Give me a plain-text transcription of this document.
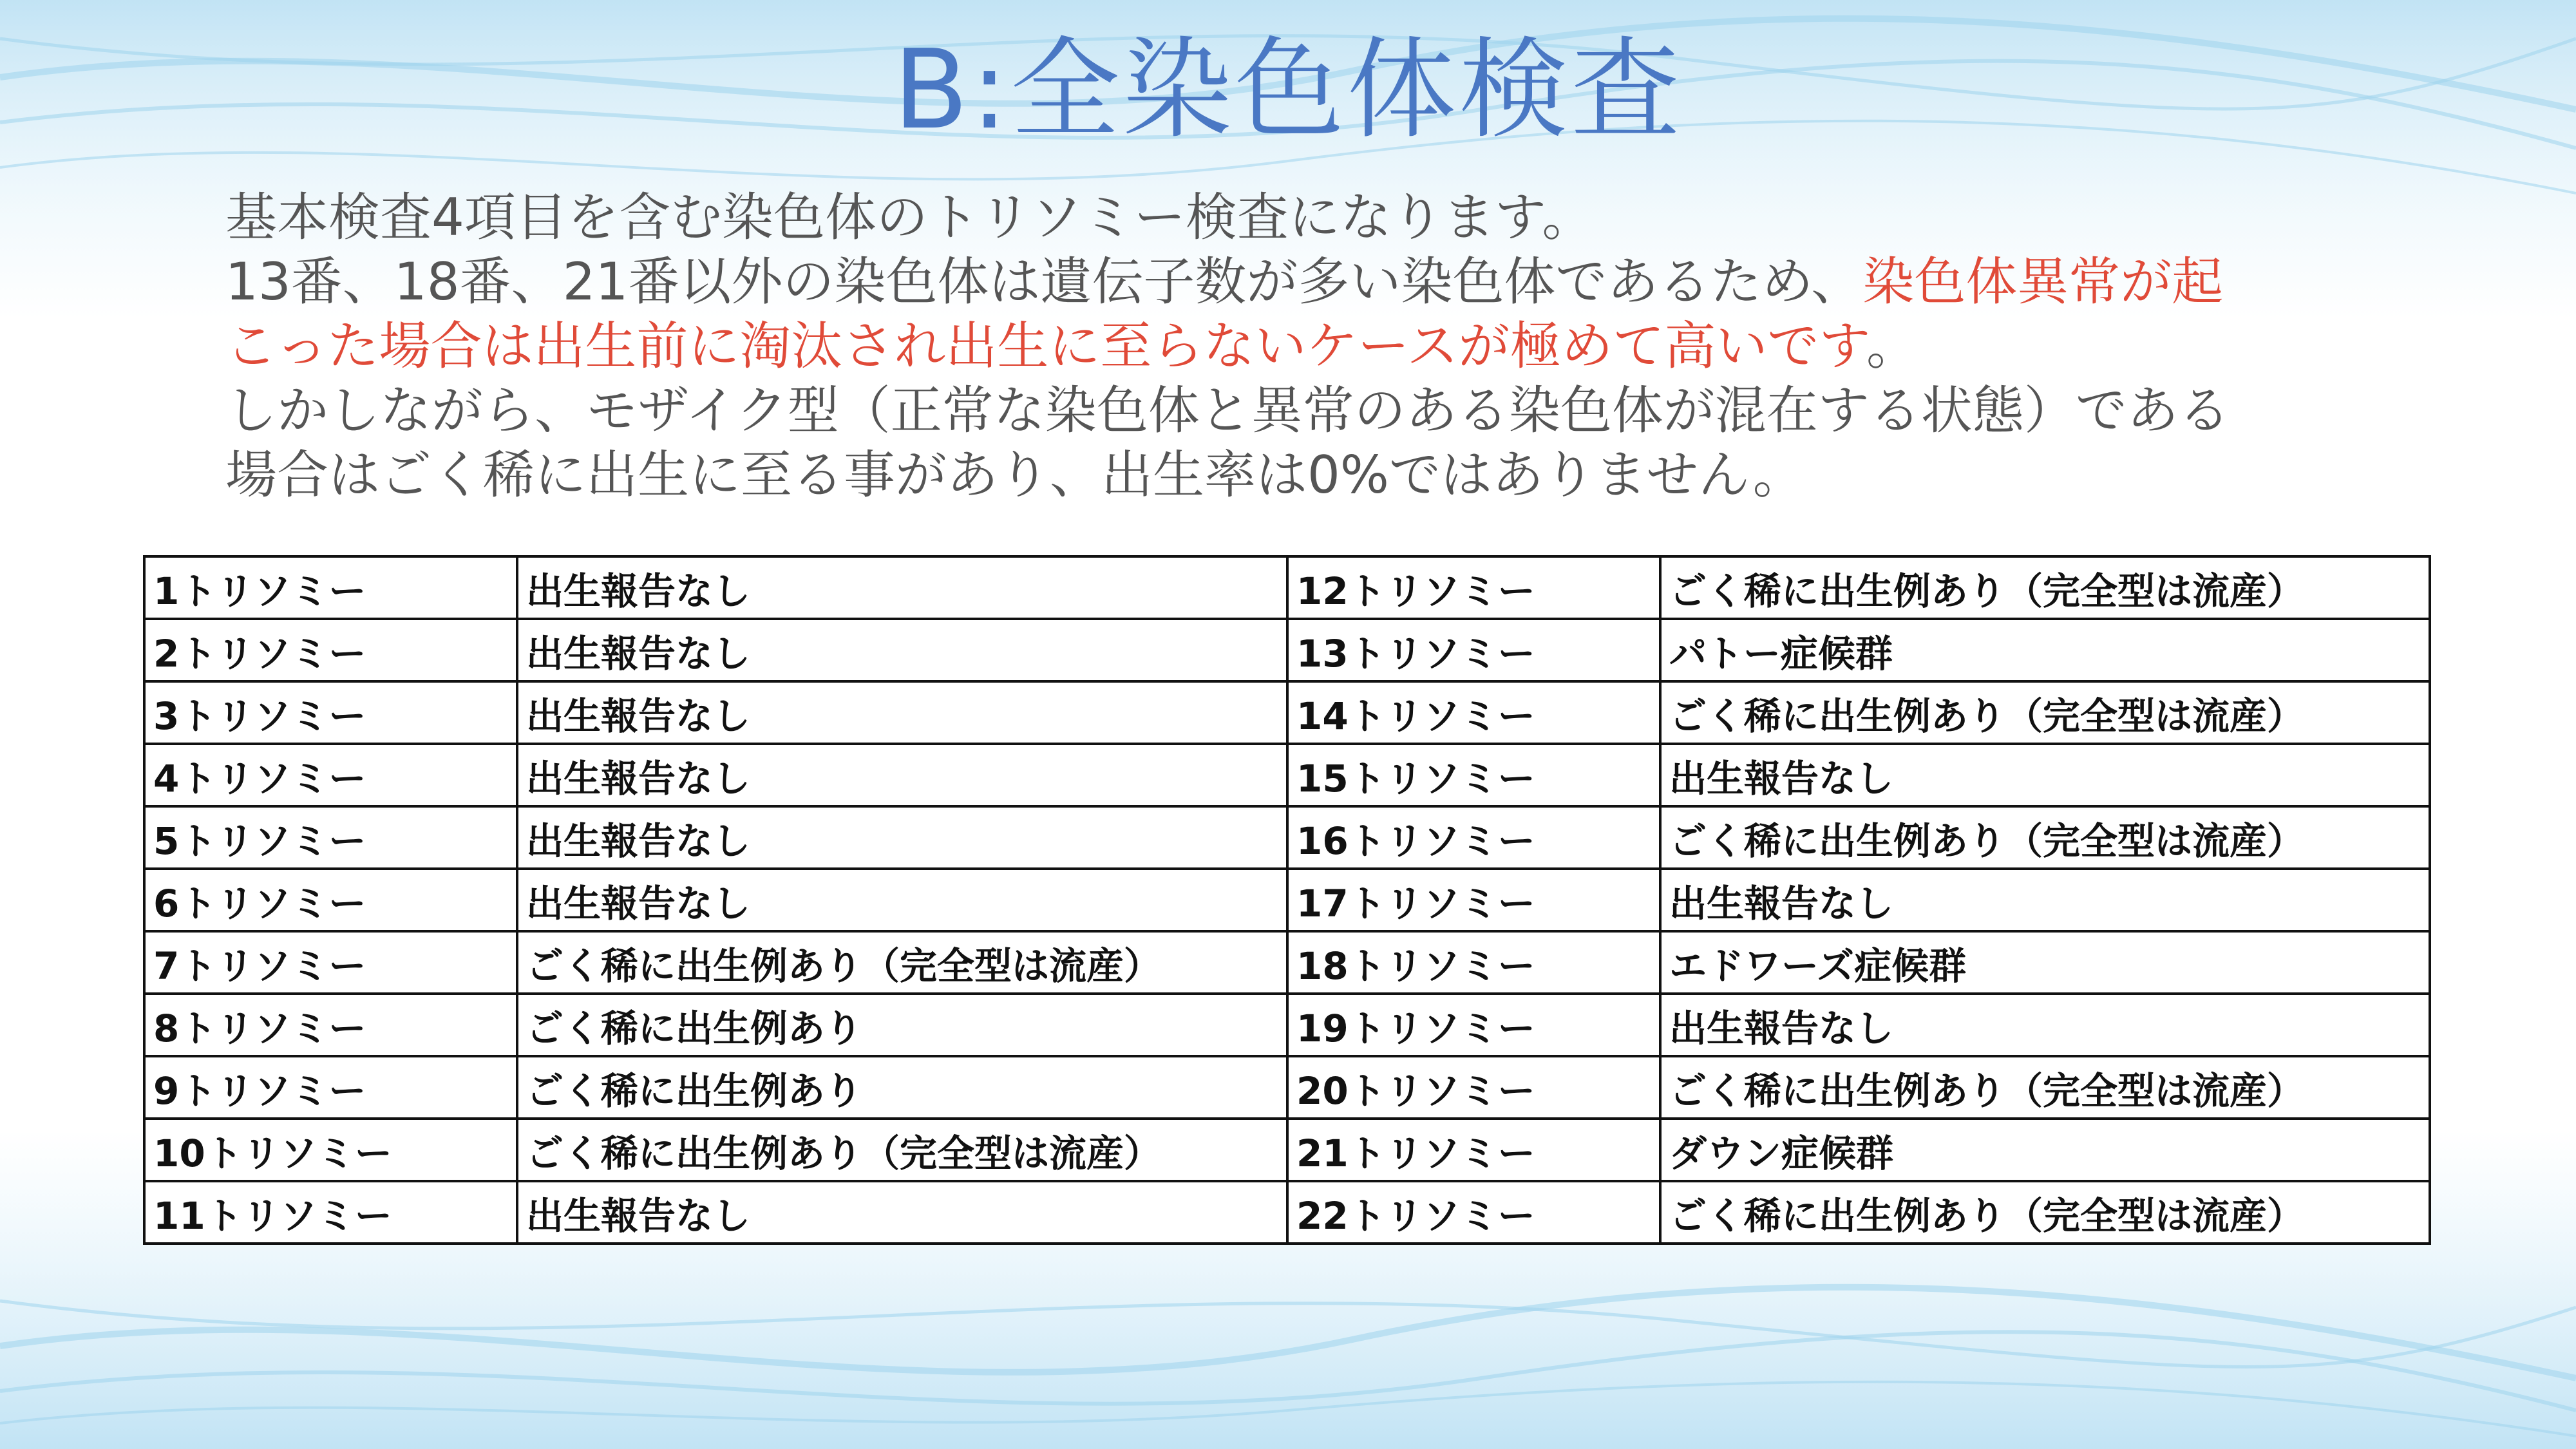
B:全染色体検査
基本検査4項目を含む染色体のトリソミー検査になります。
13番、18番、21番以外の染色体は遺伝子数が多い染色体であるため、染色体異常が起
こった場合は出生前に淘汰され出生に至らないケースが極めて高いです。
しかしながら、モザイク型（正常な染色体と異常のある染色体が混在する状態）である
場合はごく稀に出生に至る事があり、出生率は0%ではありません。
1トリソミー	出生報告なし	12トリソミー	ごく稀に出生例あり（完全型は流産）
2トリソミー	出生報告なし	13トリソミー	パトー症候群
3トリソミー	出生報告なし	14トリソミー	ごく稀に出生例あり（完全型は流産）
4トリソミー	出生報告なし	15トリソミー	出生報告なし
5トリソミー	出生報告なし	16トリソミー	ごく稀に出生例あり（完全型は流産）
6トリソミー	出生報告なし	17トリソミー	出生報告なし
7トリソミー	ごく稀に出生例あり（完全型は流産）	18トリソミー	エドワーズ症候群
8トリソミー	ごく稀に出生例あり	19トリソミー	出生報告なし
9トリソミー	ごく稀に出生例あり	20トリソミー	ごく稀に出生例あり（完全型は流産）
10トリソミー	ごく稀に出生例あり（完全型は流産）	21トリソミー	ダウン症候群
11トリソミー	出生報告なし	22トリソミー	ごく稀に出生例あり（完全型は流産）
